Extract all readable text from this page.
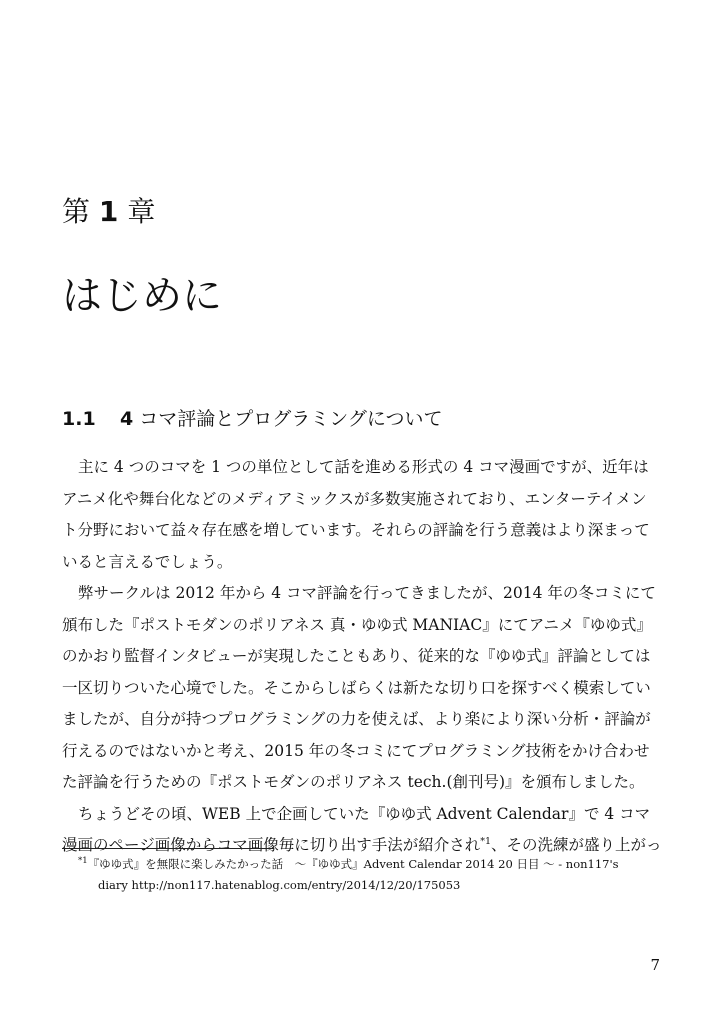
第 1 章
はじめに
1.1 4 コマ評論とプログラミングについて

主に 4 つのコマを 1 つの単位として話を進める形式の 4 コマ漫画ですが、近年はアニメ化や舞台化などのメディアミックスが多数実施されており、エンターテイメント分野において益々存在感を増しています。それらの評論を行う意義はより深まっていると言えるでしょう。

弊サークルは 2012 年から 4 コマ評論を行ってきましたが、2014 年の冬コミにて頒布した『ポストモダンのポリアネス 真・ゆゆ式 MANIAC』にてアニメ『ゆゆ式』のかおり監督インタビューが実現したこともあり、従来的な『ゆゆ式』評論としては一区切りついた心境でした。そこからしばらくは新たな切り口を探すべく模索していましたが、自分が持つプログラミングの力を使えば、より楽により深い分析・評論が行えるのではないかと考え、2015 年の冬コミにてプログラミング技術をかけ合わせた評論を行うための『ポストモダンのポリアネス tech.(創刊号)』を頒布しました。

ちょうどその頃、WEB 上で企画していた『ゆゆ式 Advent Calendar』で 4 コマ漫画のページ画像からコマ画像毎に切り出す手法が紹介され$^{*1}$、その洗練が盛り上がっ

$^{*1}$『ゆゆ式』を無限に楽しみたかった話　〜『ゆゆ式』Advent Calendar 2014 20 日目 〜 - non117's
diary http://non117.hatenablog.com/entry/2014/12/20/175053
7
